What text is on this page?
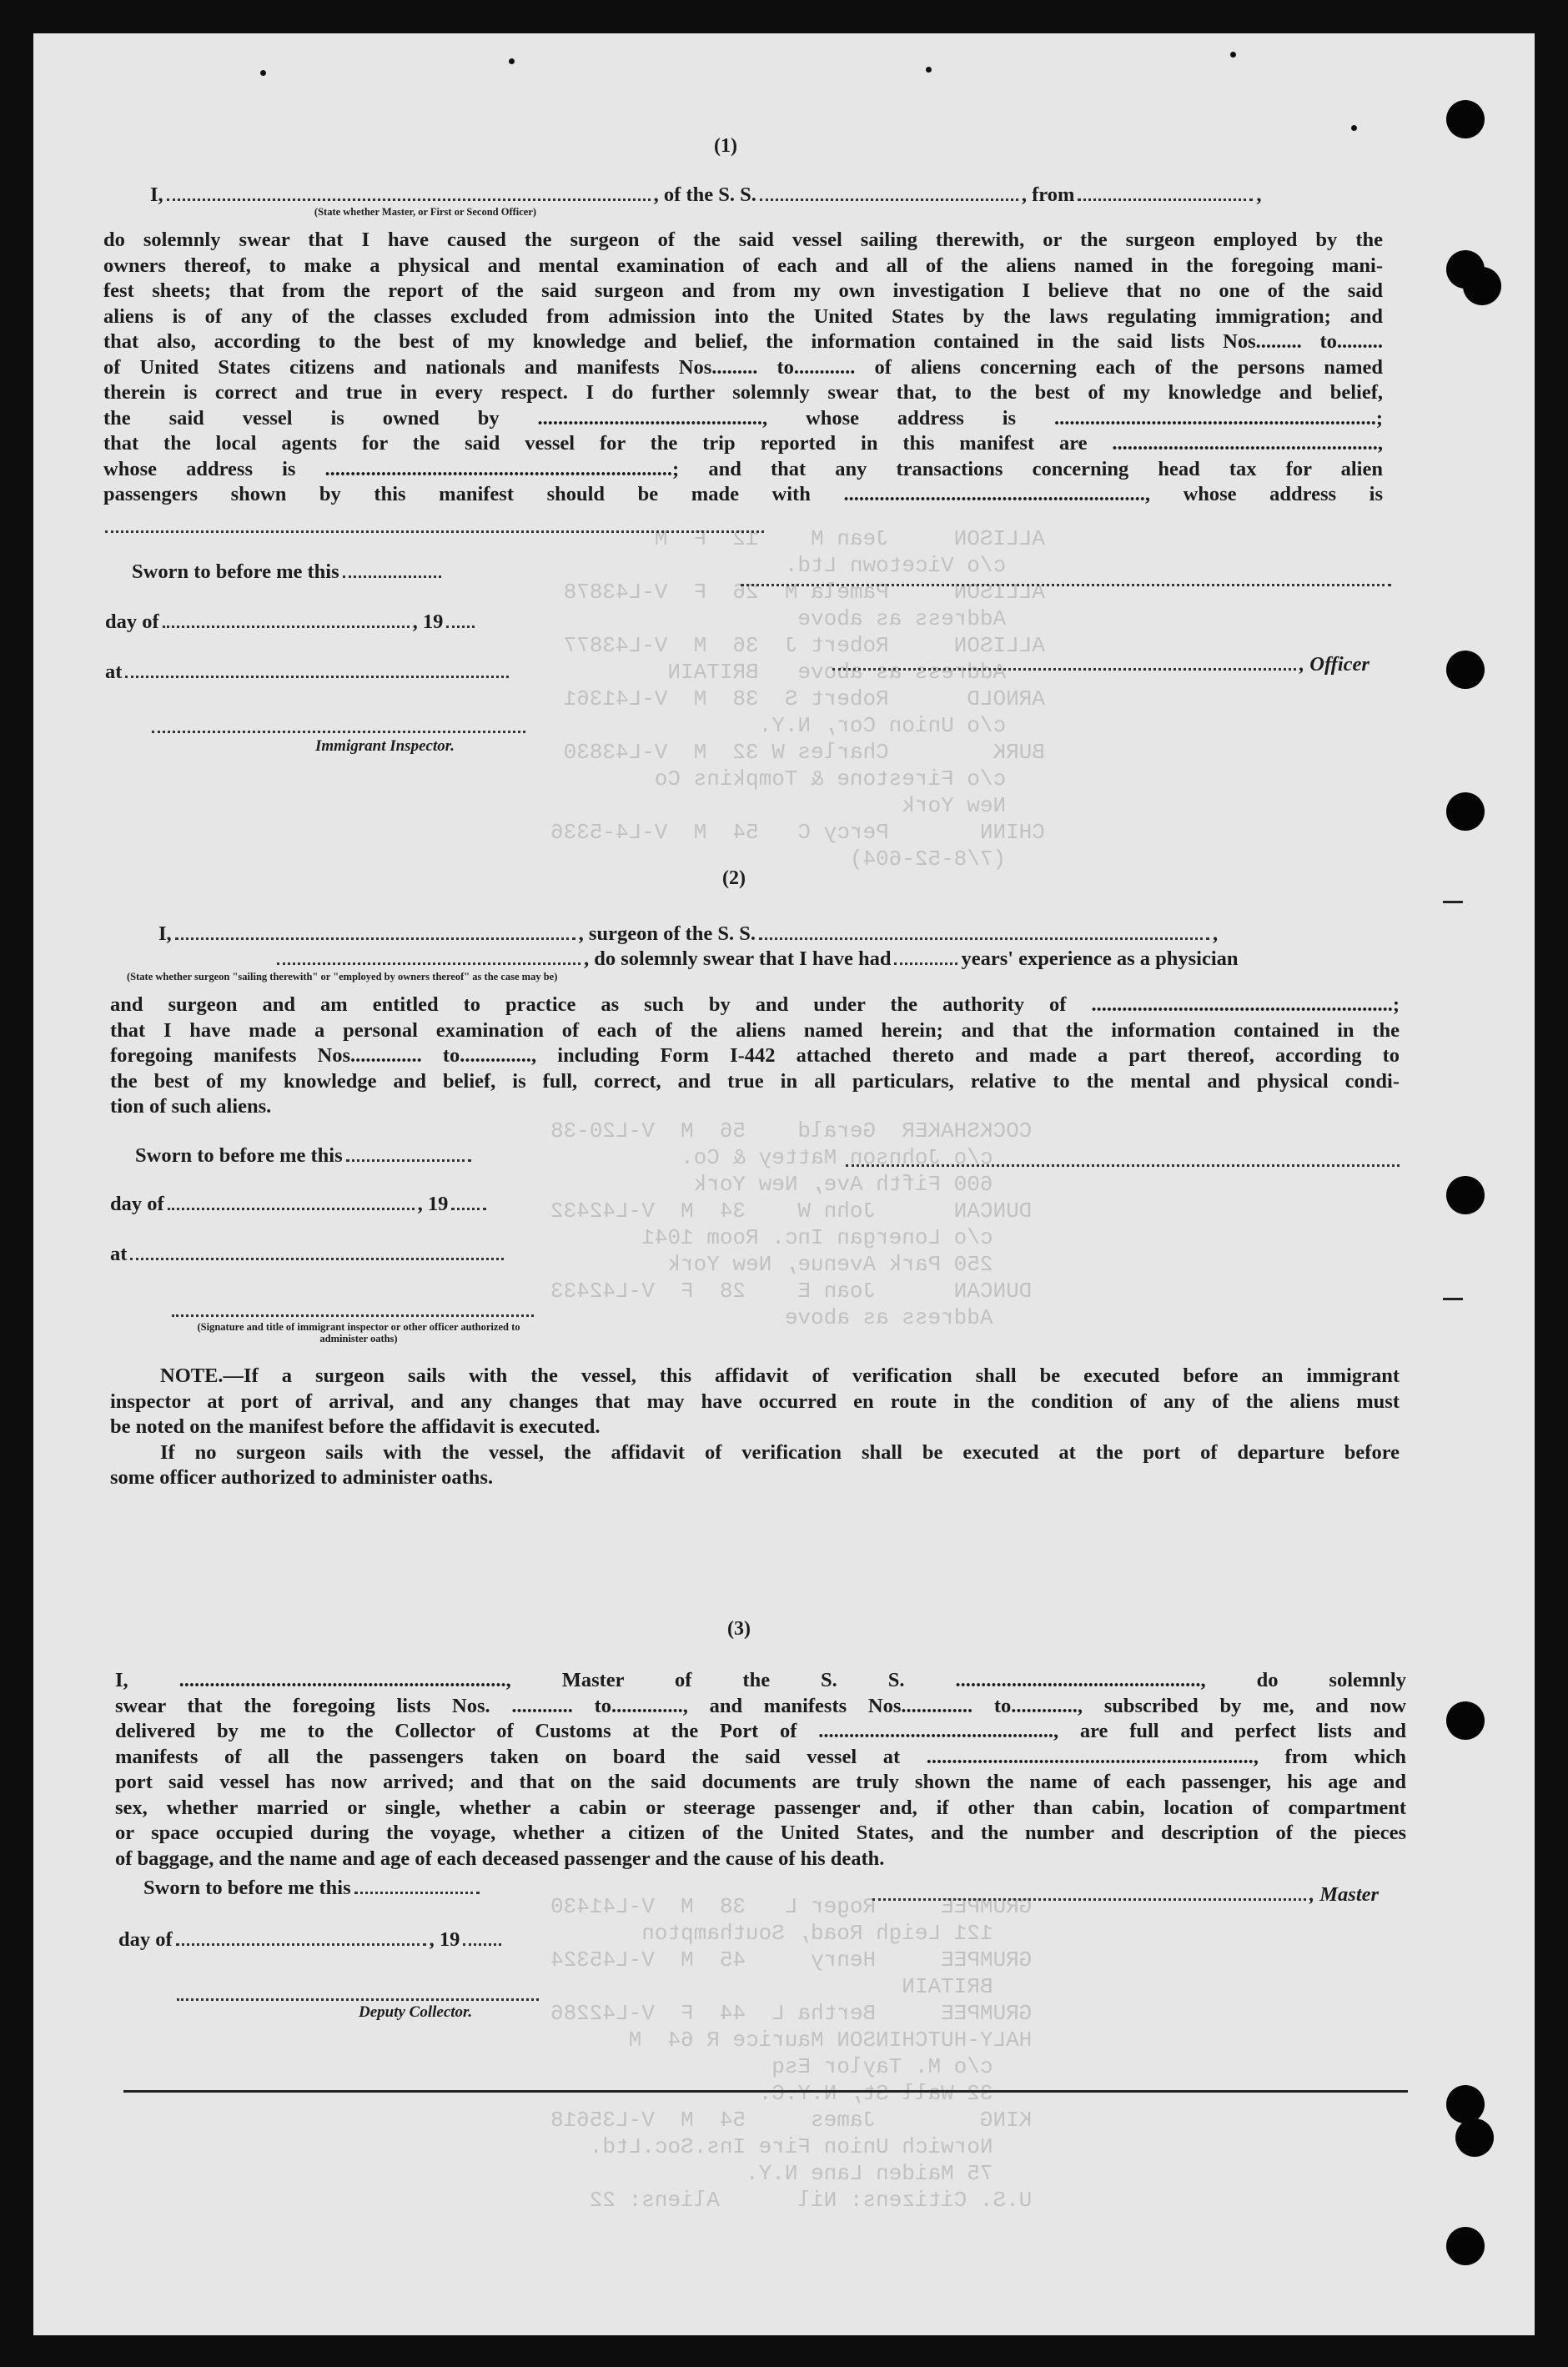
ALLISON     Jean M    12  F  M
c/o Vicetown Ltd.
ALLISON     Pamela M  26  F  V-L43878
Address as above
ALLISON     Robert J  36  M  V-L43877
Address as above   BRITAIN
ARNOLD      Robert S  38  M  V-L41361
c/o Union Cor, N.Y.
BURK        Charles W 32  M  V-L43830
c/o Firestone & Tompkins Co
New York
CHINN       Percy C   54  M  V-L4-5336
(7/8-52-604)
COCKSHAKER  Gerald    56  M  V-L20-38
c/o Johnson Mattey & Co.
600 Fifth Ave, New York
DUNCAN      John W    34  M  V-L42432
c/o Lonergan Inc. Room 1041
250 Park Avenue, New York
DUNCAN      Joan E    28  F  V-L42433
Address as above
GRUMPEE     Roger L   38  M  V-L41430
121 Leigh Road, Southampton
GRUMPEE     Henry     45  M  V-L45324
BRITAIN
GRUMPEE     Bertha L  44  F  V-L42286
HALY-HUTCHINSON Maurice R 64  M
c/o M. Taylor Esq
32 Wall St, N.Y.C.
KING        James     54  M  V-L35618
Norwich Union Fire Ins.Soc.Ltd.
75 Maiden Lane N.Y.
U.S. Citizens: Nil      Aliens: 22
(1)
I,	, of the S. S.	, from	,
(State whether Master, or First or Second Officer)
do solemnly swear that I have caused the surgeon of the said vessel sailing therewith, or the surgeon employed by the
owners thereof, to make a physical and mental examination of each and all of the aliens named in the foregoing mani-
fest sheets; that from the report of the said surgeon and from my own investigation I believe that no one of the said
aliens is of any of the classes excluded from admission into the United States by the laws regulating immigration; and
that also, according to the best of my knowledge and belief, the information contained in the said lists Nos......... to.........
of United States citizens and nationals and manifests Nos......... to............ of aliens concerning each of the persons named
therein is correct and true in every respect. I do further solemnly swear that, to the best of my knowledge and belief,
the said vessel is owned by ............................................, whose address is ...............................................................;
that the local agents for the said vessel for the trip reported in this manifest are ....................................................,
whose address is ....................................................................; and that any transactions concerning head tax for alien
passengers shown by this manifest should be made with ..........................................................., whose address is
Sworn to before me this
day of	, 19
, Officer
at
Immigrant Inspector.
(2)
I,	, surgeon of the S. S.	,
, do solemnly swear that I have had	years' experience as a physician
(State whether surgeon "sailing therewith" or "employed by owners thereof" as the case may be)
and surgeon and am entitled to practice as such by and under the authority of ...........................................................;
that I have made a personal examination of each of the aliens named herein; and that the information contained in the
foregoing manifests Nos.............. to.............., including Form I-442 attached thereto and made a part thereof, according to
the best of my knowledge and belief, is full, correct, and true in all particulars, relative to the mental and physical condi-
tion of such aliens.
Sworn to before me this
day of	, 19
at
(Signature and title of immigrant inspector or other officer authorized to administer oaths)
NOTE.—If a surgeon sails with the vessel, this affidavit of verification shall be executed before an immigrant
inspector at port of arrival, and any changes that may have occurred en route in the condition of any of the aliens must
be noted on the manifest before the affidavit is executed.
If no surgeon sails with the vessel, the affidavit of verification shall be executed at the port of departure before
some officer authorized to administer oaths.
(3)
I, ................................................................, Master of the S. S. ................................................, do solemnly
swear that the foregoing lists Nos. ............ to.............., and manifests Nos.............. to............., subscribed by me, and now
delivered by me to the Collector of Customs at the Port of .............................................., are full and perfect lists and
manifests of all the passengers taken on board the said vessel at ................................................................, from which
port said vessel has now arrived; and that on the said documents are truly shown the name of each passenger, his age and
sex, whether married or single, whether a cabin or steerage passenger and, if other than cabin, location of compartment
or space occupied during the voyage, whether a citizen of the United States, and the number and description of the pieces
of baggage, and the name and age of each deceased passenger and the cause of his death.
Sworn to before me this	, Master
day of	, 19
Deputy Collector.
